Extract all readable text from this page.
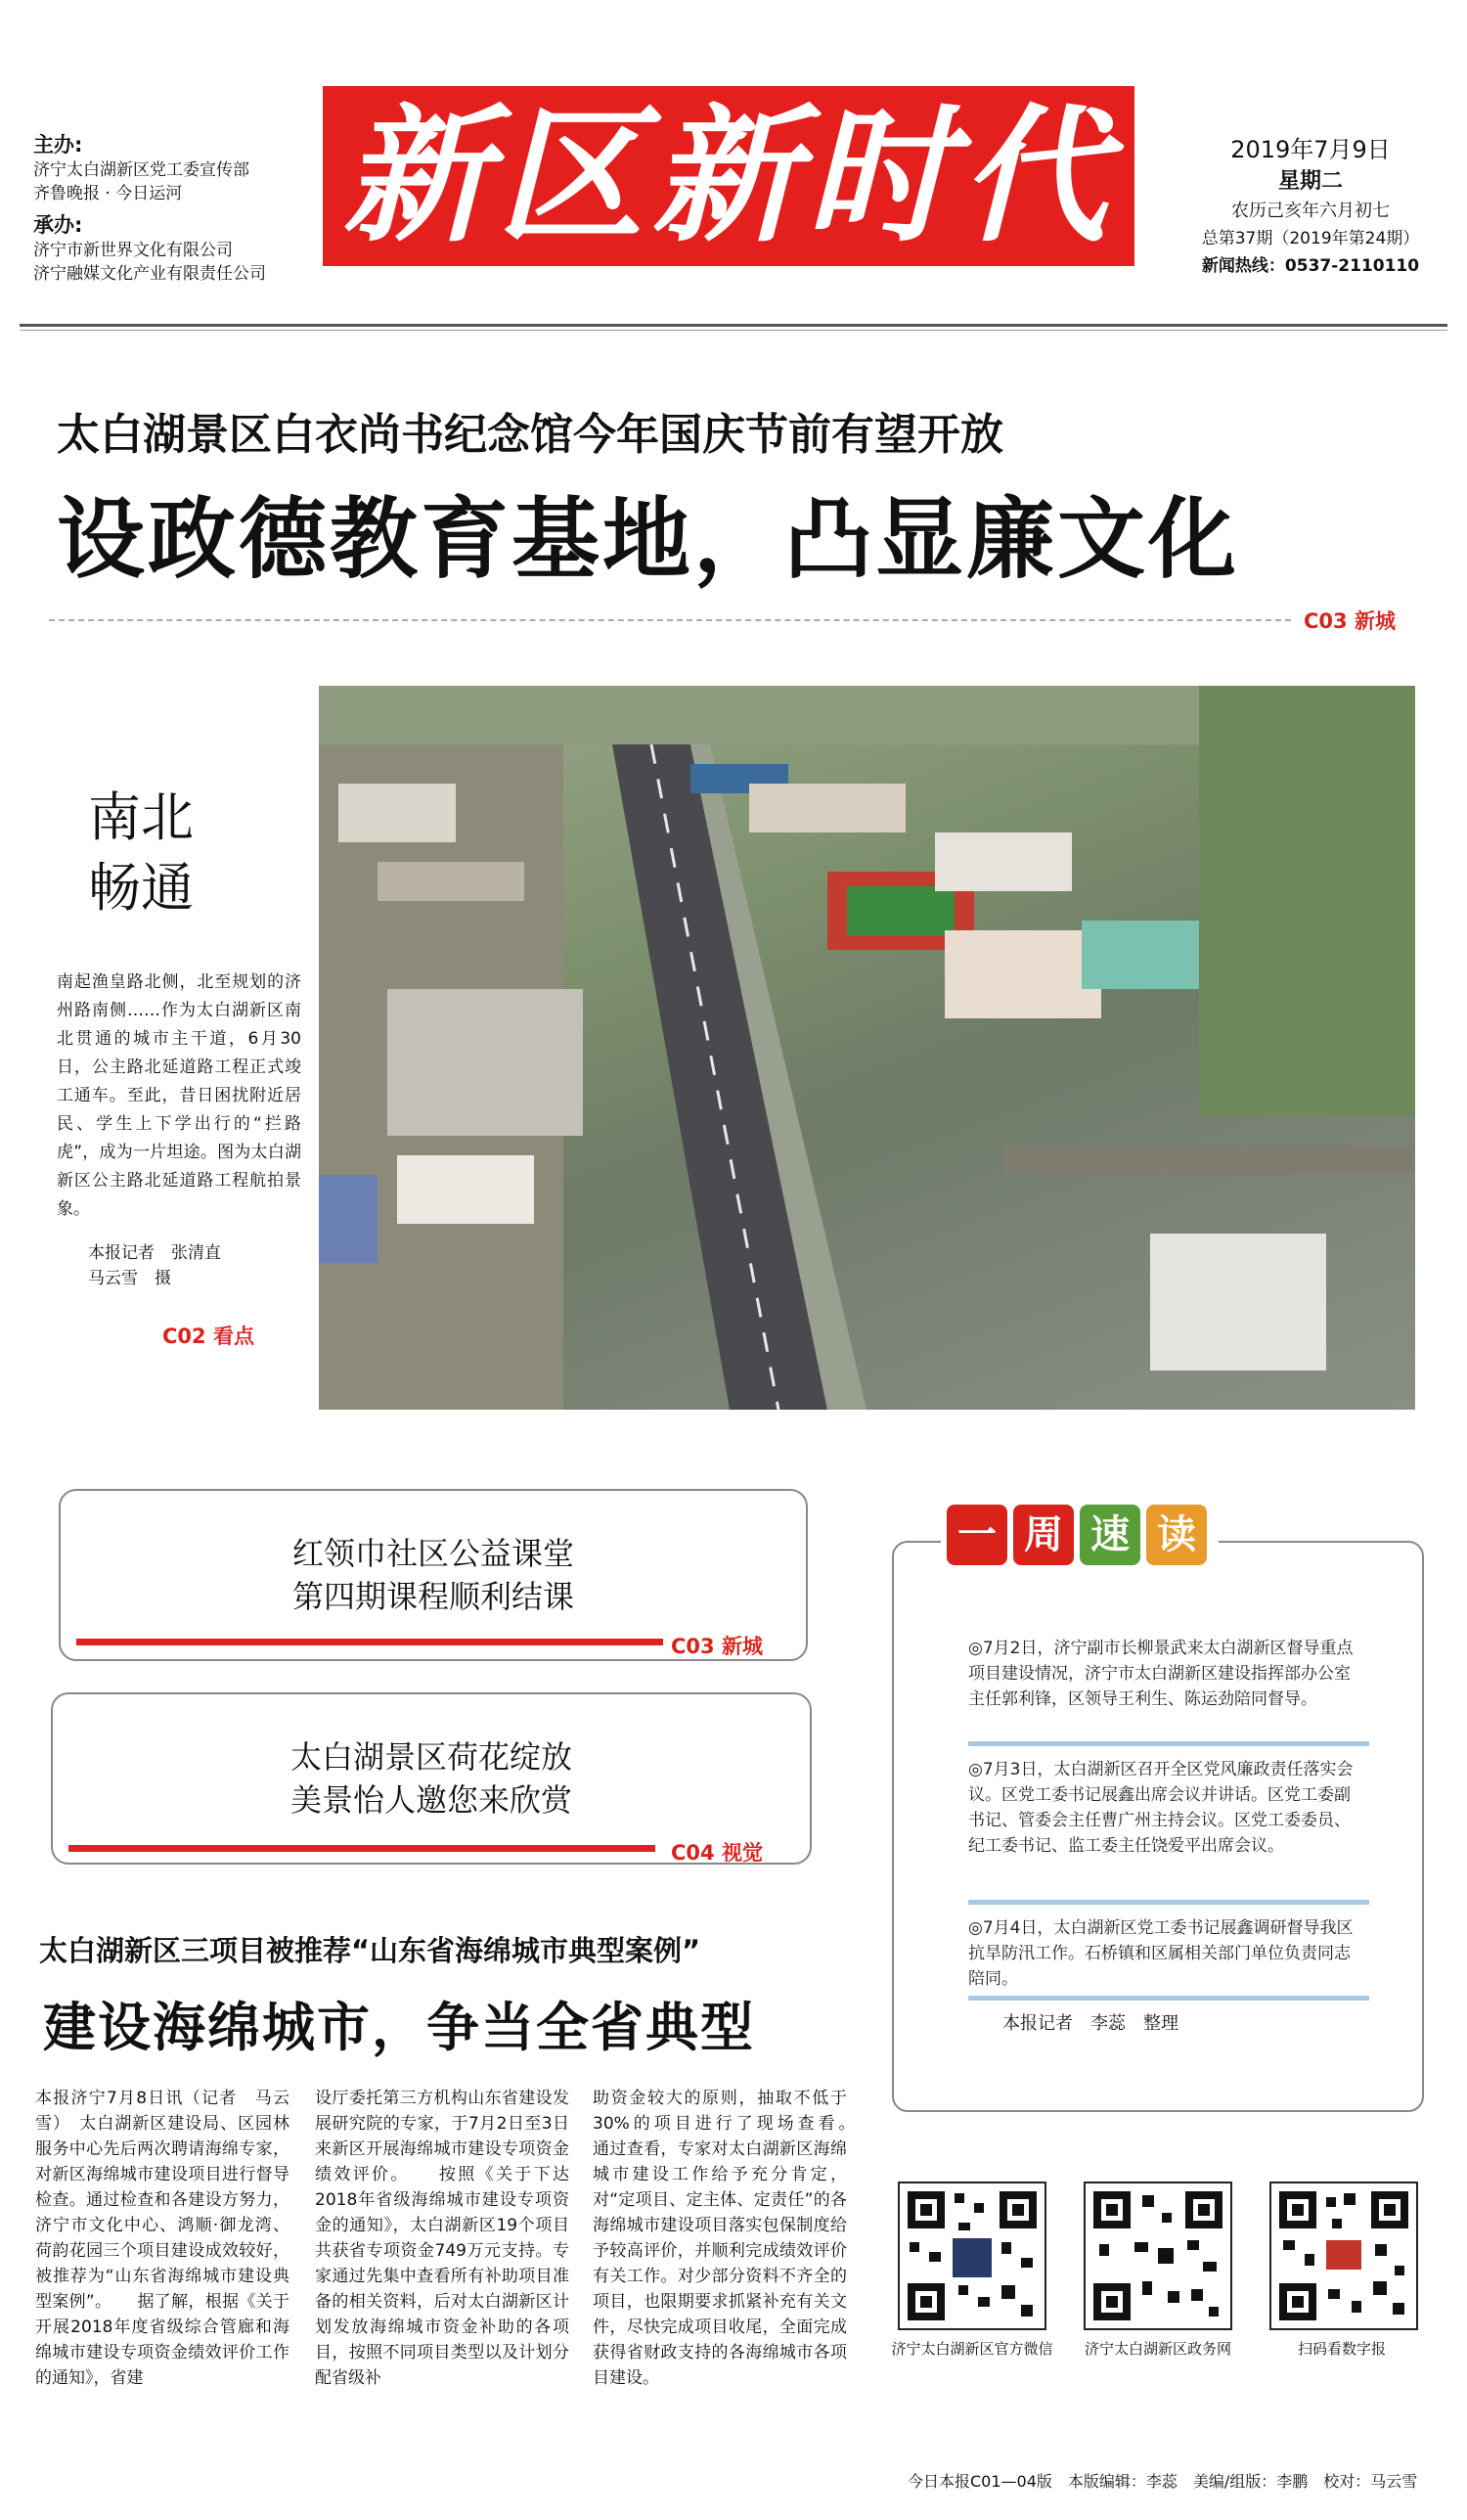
主办:
济宁太白湖新区党工委宣传部
齐鲁晚报 · 今日运河
承办:
济宁市新世界文化有限公司
济宁融媒文化产业有限责任公司
新区新时代	2019年7月9日
星期二
农历己亥年六月初七
总第37期（2019年第24期）
新闻热线：0537-2110110
太白湖景区白衣尚书纪念馆今年国庆节前有望开放
设政德教育基地，凸显廉文化
C03 新城
南北
畅通
南起渔皇路北侧，北至规划的济州路南侧……作为太白湖新区南北贯通的城市主干道，6月30日，公主路北延道路工程正式竣工通车。至此，昔日困扰附近居民、学生上下学出行的“拦路虎”，成为一片坦途。图为太白湖新区公主路北延道路工程航拍景象。
本报记者　张清直
马云雪　摄
C02 看点
红领巾社区公益课堂
第四期课程顺利结课
C03 新城
太白湖景区荷花绽放
美景怡人邀您来欣赏
C04 视觉
太白湖新区三项目被推荐“山东省海绵城市典型案例”
建设海绵城市，争当全省典型
本报济宁7月8日讯（记者　马云雪）　太白湖新区建设局、区园林服务中心先后两次聘请海绵专家，对新区海绵城市建设项目进行督导检查。通过检查和各建设方努力，济宁市文化中心、鸿顺·御龙湾、荷韵花园三个项目建设成效较好，被推荐为“山东省海绵城市建设典型案例”。　　据了解，根据《关于开展2018年度省级综合管廊和海绵城市建设专项资金绩效评价工作的通知》，省建
设厅委托第三方机构山东省建设发展研究院的专家，于7月2日至3日来新区开展海绵城市建设专项资金绩效评价。　　按照《关于下达2018年省级海绵城市建设专项资金的通知》，太白湖新区19个项目共获省专项资金749万元支持。专家通过先集中查看所有补助项目准备的相关资料，后对太白湖新区计划发放海绵城市资金补助的各项目，按照不同项目类型以及计划分配省级补
助资金较大的原则，抽取不低于30%的项目进行了现场查看。　　通过查看，专家对太白湖新区海绵城市建设工作给予充分肯定，对“定项目、定主体、定责任”的各海绵城市建设项目落实包保制度给予较高评价，并顺利完成绩效评价有关工作。对少部分资料不齐全的项目，也限期要求抓紧补充有关文件，尽快完成项目收尾，全面完成获得省财政支持的各海绵城市各项目建设。
一 周 速 读
◎7月2日，济宁副市长柳景武来太白湖新区督导重点项目建设情况，济宁市太白湖新区建设指挥部办公室主任郭利锋，区领导王利生、陈运劲陪同督导。
◎7月3日，太白湖新区召开全区党风廉政责任落实会议。区党工委书记展鑫出席会议并讲话。区党工委副书记、管委会主任曹广州主持会议。区党工委委员、纪工委书记、监工委主任饶爱平出席会议。
◎7月4日，太白湖新区党工委书记展鑫调研督导我区抗旱防汛工作。石桥镇和区属相关部门单位负责同志陪同。
本报记者　李蕊　整理
济宁太白湖新区官方微信	济宁太白湖新区政务网	扫码看数字报
今日本报C01—04版　本版编辑：李蕊　美编/组版：李鹏　校对：马云雪
